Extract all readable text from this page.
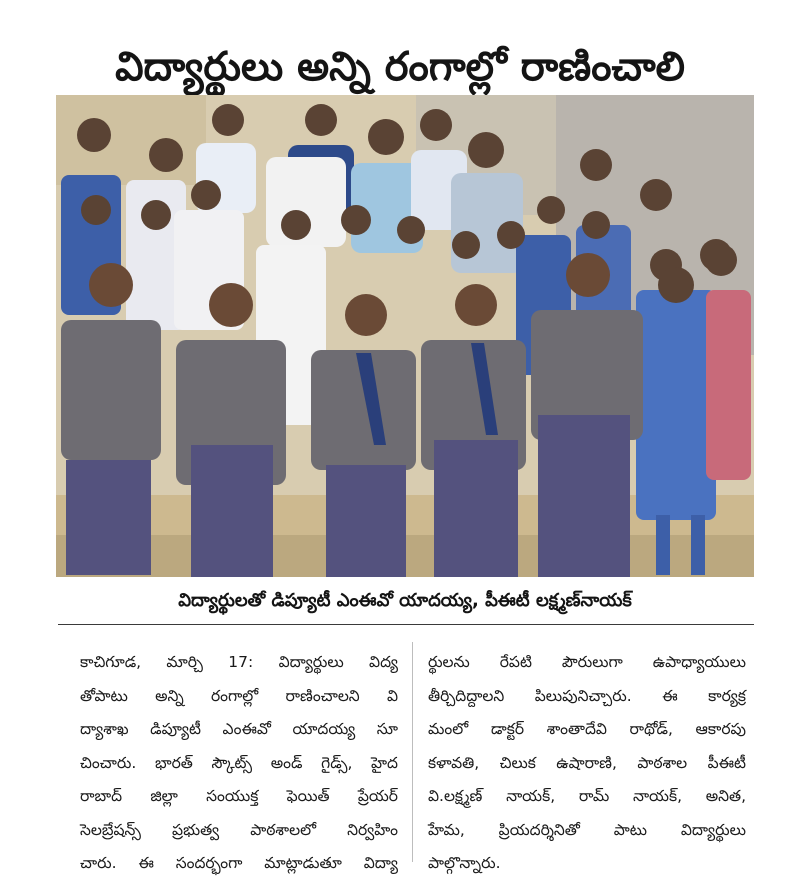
విద్యార్థులు అన్ని రంగాల్లో రాణించాలి
విద్యార్థులతో డిప్యూటీ ఎంఈవో యాదయ్య, పీఈటీ లక్ష్మణ్‌నాయక్
కాచిగూడ, మార్చి 17: విద్యార్థులు విద్య
తోపాటు అన్ని రంగాల్లో రాణించాలని వి
ద్యాశాఖ డిప్యూటీ ఎంఈవో యాదయ్య సూ
చించారు. భారత్ స్కౌట్స్ అండ్ గైడ్స్, హైద
రాబాద్ జిల్లా సంయుక్త ఫెయిత్ ప్రేయర్
సెలబ్రేషన్స్ ప్రభుత్వ పాఠశాలలో నిర్వహిం
చారు. ఈ సందర్భంగా మాట్లాడుతూ విద్యా
ర్థులను రేపటి పౌరులుగా ఉపాధ్యాయులు
తీర్చిదిద్దాలని పిలుపునిచ్చారు. ఈ కార్యక్ర
మంలో డాక్టర్ శాంతాదేవి రాథోడ్, ఆకారపు
కళావతి, చిలుక ఉషారాణి, పాఠశాల పీఈటీ
వి.లక్ష్మణ్ నాయక్, రామ్ నాయక్, అనిత,
హేమ, ప్రియదర్శినితో పాటు విద్యార్థులు
పాల్గొన్నారు.
